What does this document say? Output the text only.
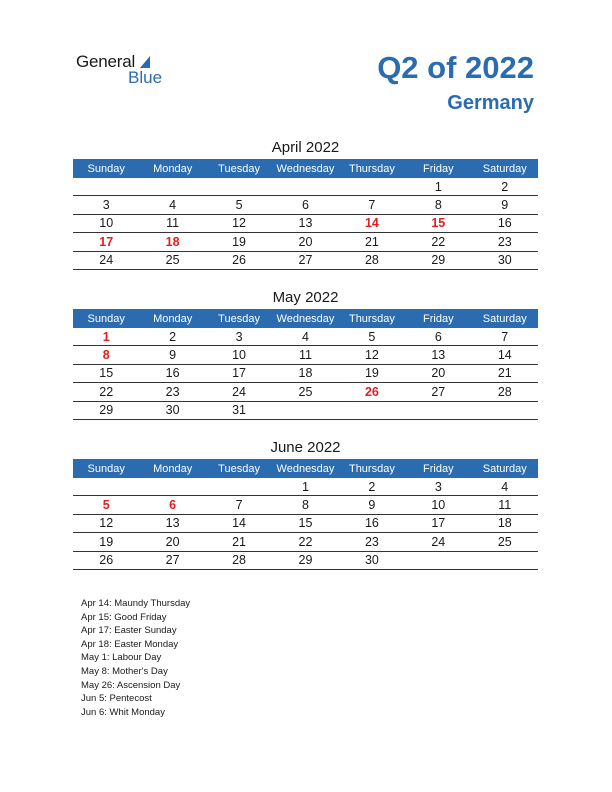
General
Blue	Q2 of 2022
Germany
April 2022
Sunday	Monday	Tuesday	Wednesday	Thursday	Friday	Saturday
					1	2
3	4	5	6	7	8	9
10	11	12	13	14	15	16
17	18	19	20	21	22	23
24	25	26	27	28	29	30
May 2022
Sunday	Monday	Tuesday	Wednesday	Thursday	Friday	Saturday
1	2	3	4	5	6	7
8	9	10	11	12	13	14
15	16	17	18	19	20	21
22	23	24	25	26	27	28
29	30	31				
June 2022
Sunday	Monday	Tuesday	Wednesday	Thursday	Friday	Saturday
			1	2	3	4
5	6	7	8	9	10	11
12	13	14	15	16	17	18
19	20	21	22	23	24	25
26	27	28	29	30		
Apr 14: Maundy Thursday
Apr 15: Good Friday
Apr 17: Easter Sunday
Apr 18: Easter Monday
May 1: Labour Day
May 8: Mother's Day
May 26: Ascension Day
Jun 5: Pentecost
Jun 6: Whit Monday
